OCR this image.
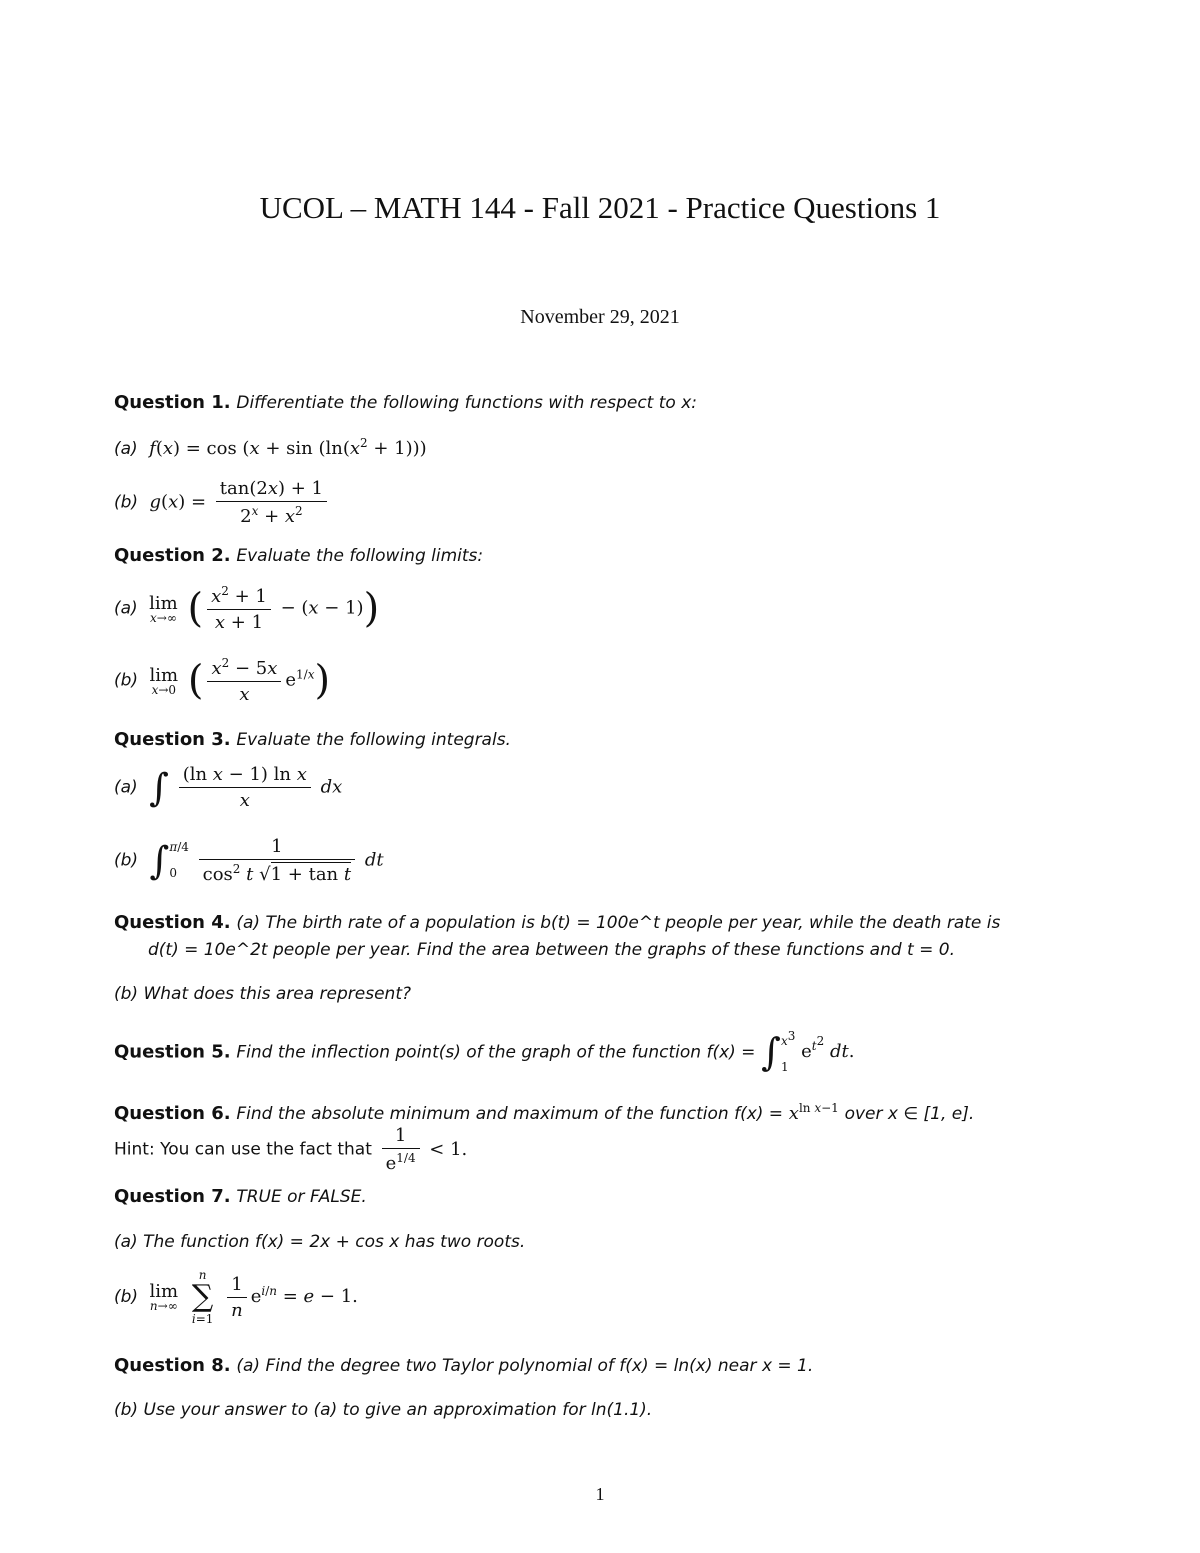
UCOL – MATH 144 - Fall 2021 - Practice Questions 1
November 29, 2021
Question 1. Differentiate the following functions with respect to x:
(a) $f(x) = \cos (x + \sin (\ln(x^2 + 1)))$
(b) $g(x) = \frac{\tan(2x) + 1}{2^x + x^2}$
Question 2. Evaluate the following limits:
(a) lim
x→∞ ( $\frac{x^2 + 1}{x + 1} - (x - 1)$)
(b) lim
x→0 ( $\frac{x^2 - 5x}{x} e^{1/x}$)
Question 3. Evaluate the following integrals.
(a) ∫ $\frac{\text{(ln x − 1) ln x}}{x}$ dx
(b) ∫π/4

$0 \frac{1}{\cos^2 t √1 + \tan t}$ dt
Question 4. (a) The birth rate of a population is b(t) = 100e^t people per year, while the death rate is
d(t) = 10e^2t people per year. Find the area between the graphs of these functions and t = 0.
(b) What does this area represent?
Question 5. Find the inflection point(s) of the graph of the function $f(x) = \int x^3$

1 $e^{t^2}$ dt.
Question 6. Find the absolute minimum and maximum of the function $f(x) = x^{ln x-1}$ over x ∈ [1, e].
Hint: You can use the fact that $\frac{1}{e^{1/4}} < 1$.
Question 7. TRUE or FALSE.
(a) The function f(x) = 2x + cos x has two roots.
(b) lim
n→∞

n
∑
i=1
$\frac{1}{n} e^{i/n} = e - 1$.
Question 8. (a) Find the degree two Taylor polynomial of f(x) = ln(x) near x = 1.
(b) Use your answer to (a) to give an approximation for ln(1.1).
1
